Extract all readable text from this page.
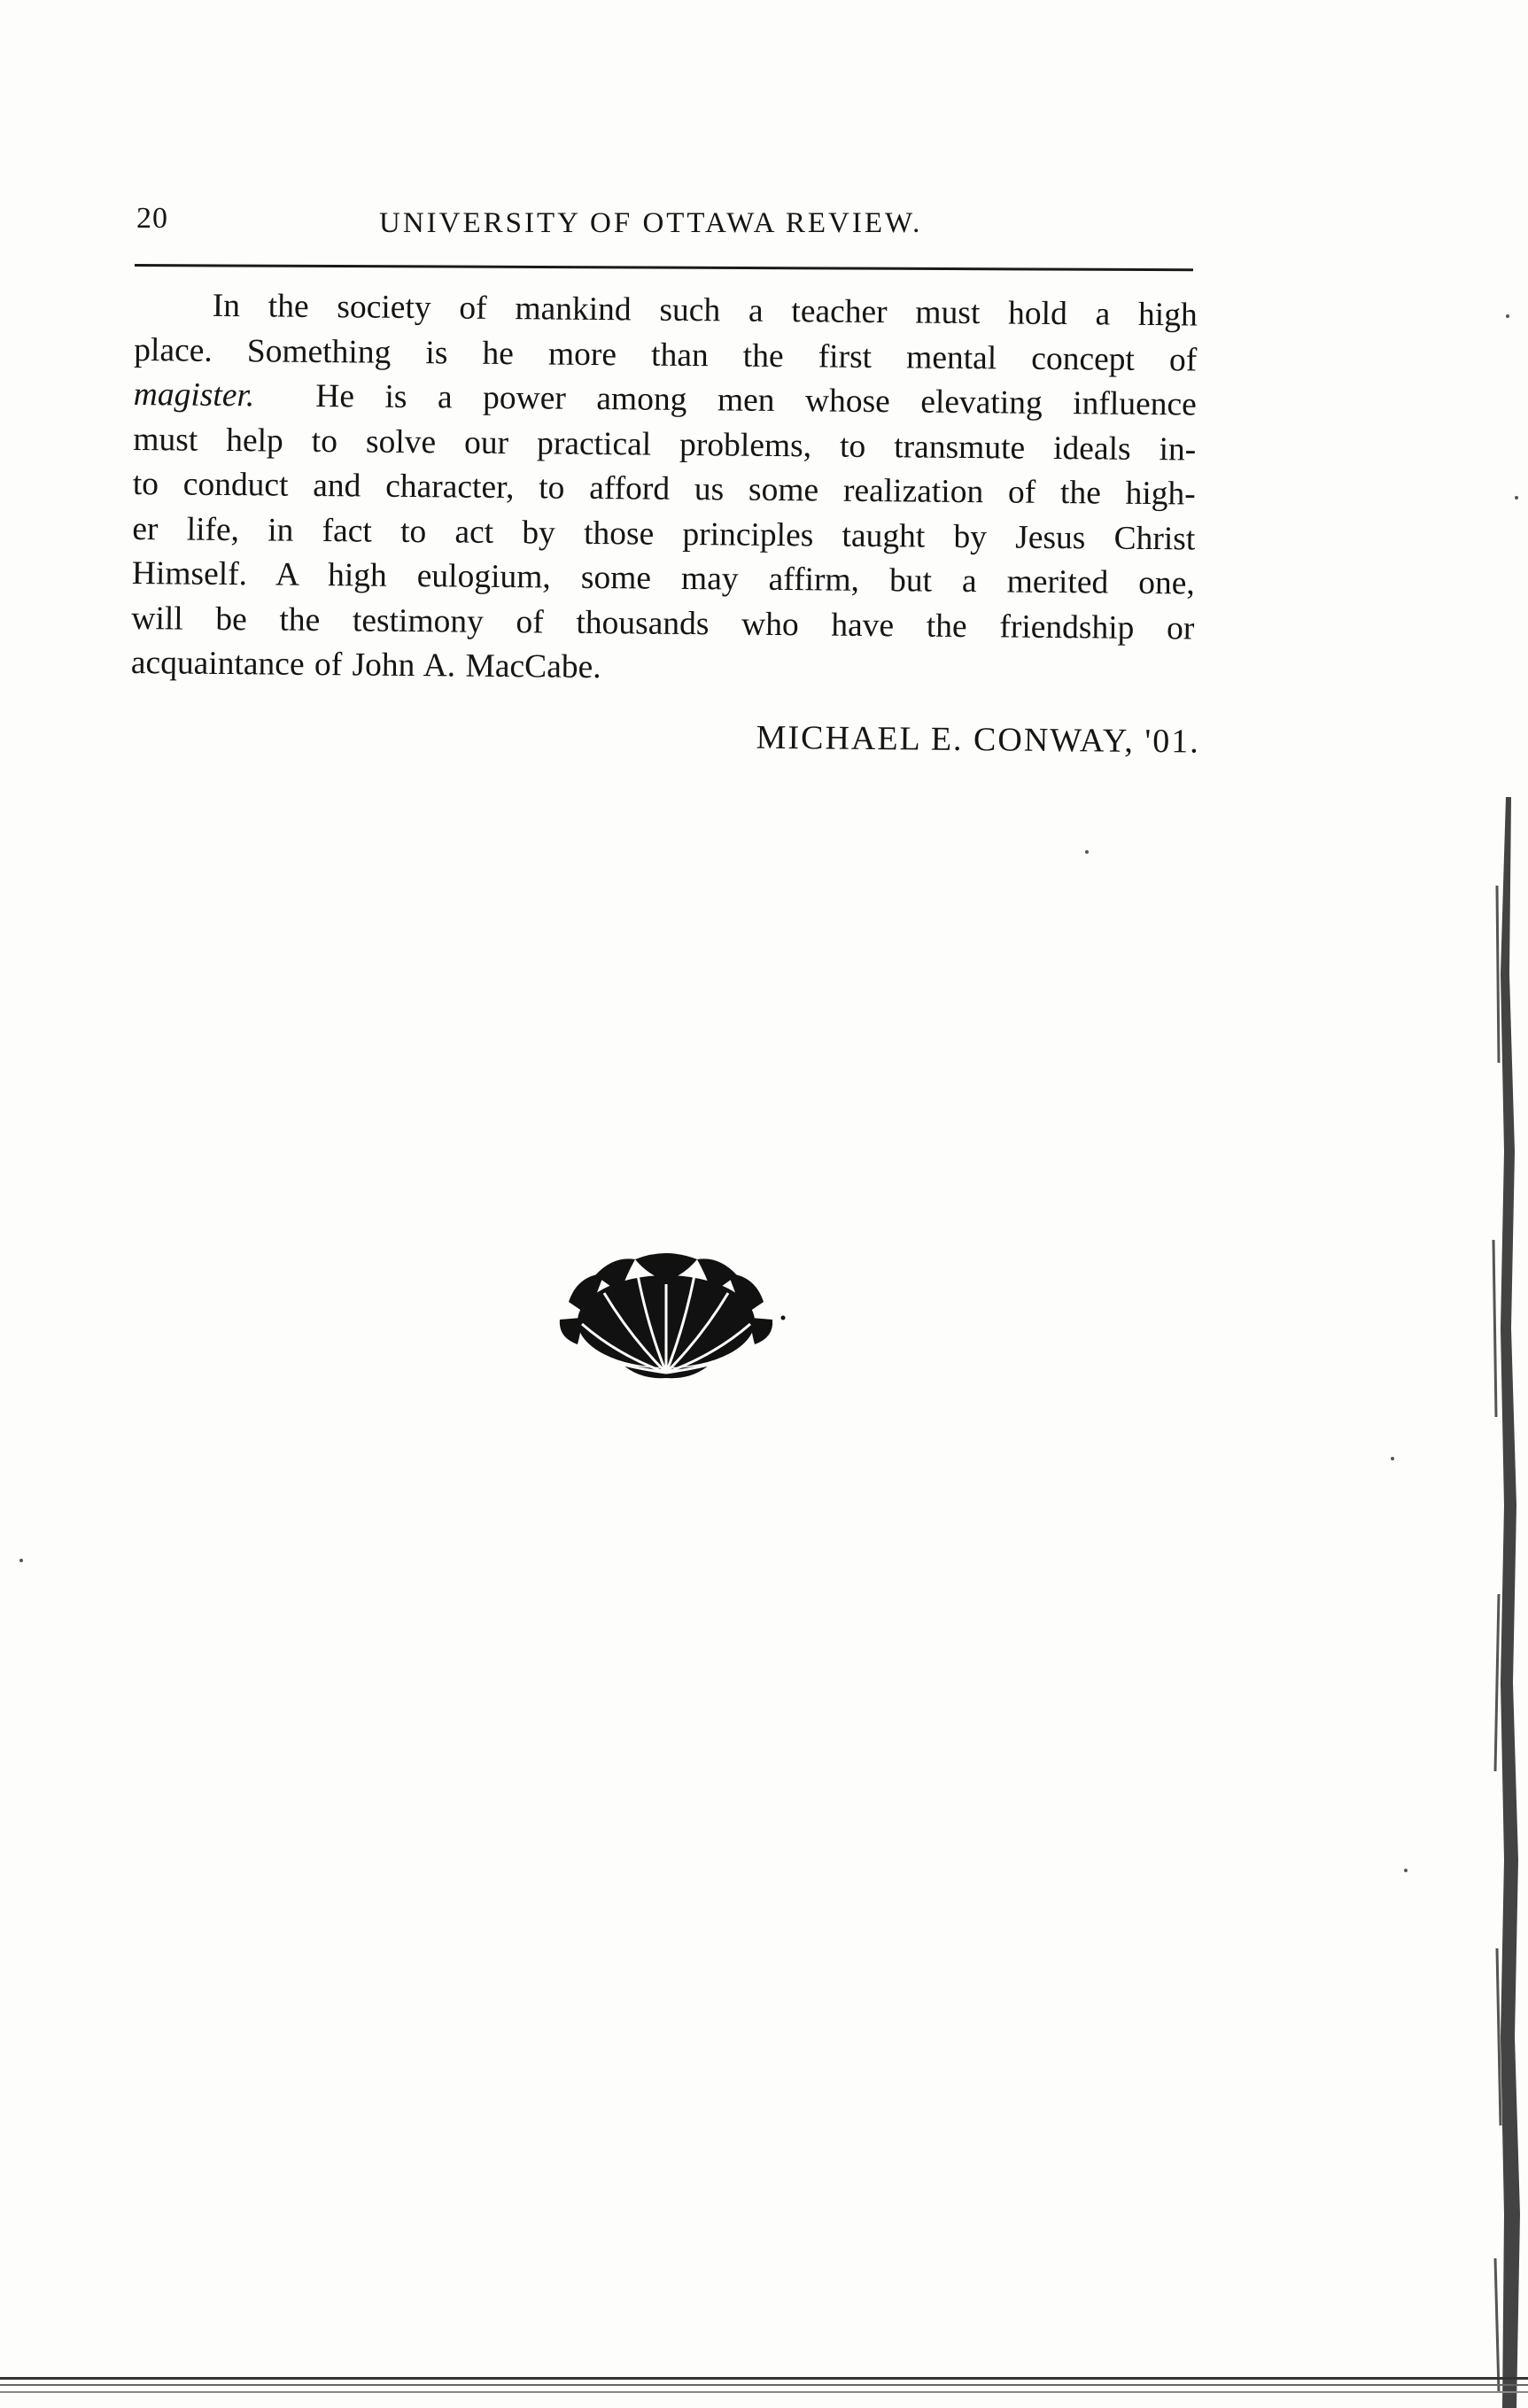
20	UNIVERSITY OF OTTAWA REVIEW.
In the society of mankind such a teacher must hold a high
place. Something is he more than the first mental concept of
magister. He is a power among men whose elevating influence
must help to solve our practical problems, to transmute ideals in-
to conduct and character, to afford us some realization of the high-
er life, in fact to act by those principles taught by Jesus Christ
Himself. A high eulogium, some may affirm, but a merited one,
will be the testimony of thousands who have the friendship or
acquaintance of John A. MacCabe.
MICHAEL E. CONWAY, '01.
